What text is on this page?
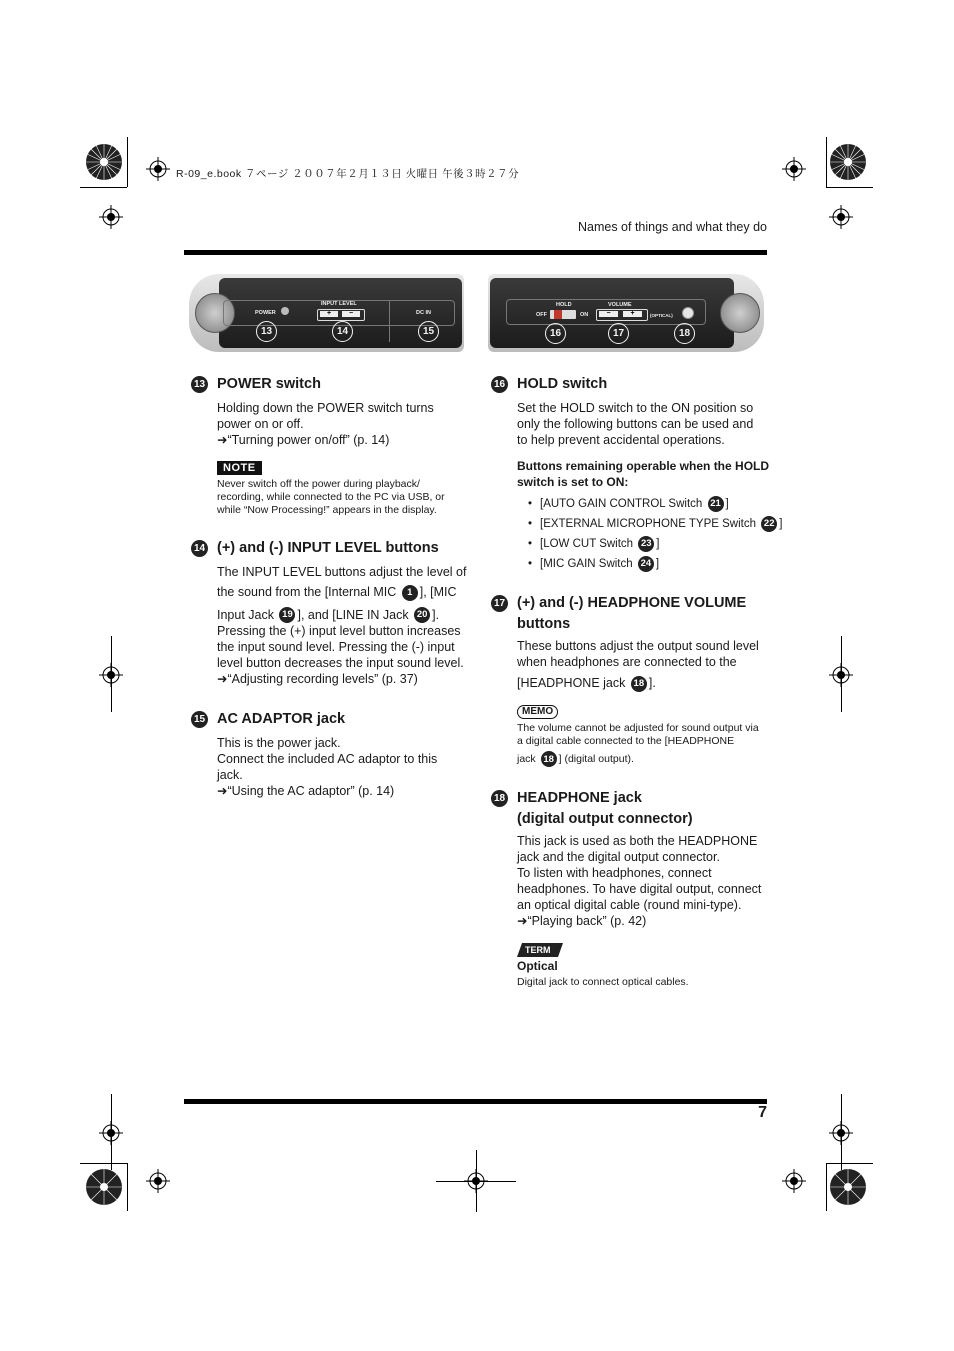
R-09_e.book ７ページ ２００７年２月１３日 火曜日 午後３時２７分
Names of things and what they do
POWER
INPUT LEVEL
+	−	DC IN
13	14	15
HOLD
OFF	ON
VOLUME
−	+	(OPTICAL)
16	17	18
13 POWER switch
Holding down the POWER switch turns
power on or off.
➜“Turning power on/off” (p. 14)
NOTE
Never switch off the power during playback/
recording, while connected to the PC via USB, or
while “Now Processing!” appears in the display.
14 (+) and (-) INPUT LEVEL buttons
The INPUT LEVEL buttons adjust the level of
the sound from the [Internal MIC 1 ], [MIC
Input Jack 19 ], and [LINE IN Jack 20 ].
Pressing the (+) input level button increases
the input sound level. Pressing the (-) input
level button decreases the input sound level.
➜“Adjusting recording levels” (p. 37)
15 AC ADAPTOR jack
This is the power jack.
Connect the included AC adaptor to this
jack.
➜“Using the AC adaptor” (p. 14)
16 HOLD switch
Set the HOLD switch to the ON position so
only the following buttons can be used and
to help prevent accidental operations.
Buttons remaining operable when the HOLD
switch is set to ON:
• [AUTO GAIN CONTROL Switch 21 ]
• [EXTERNAL MICROPHONE TYPE Switch 22 ]
• [LOW CUT Switch 23 ]
• [MIC GAIN Switch 24 ]
17 (+) and (-) HEADPHONE VOLUME
buttons
These buttons adjust the output sound level
when headphones are connected to the
[HEADPHONE jack 18 ].
MEMO
The volume cannot be adjusted for sound output via
a digital cable connected to the [HEADPHONE
jack 18 ] (digital output).
18 HEADPHONE jack
(digital output connector)
This jack is used as both the HEADPHONE
jack and the digital output connector.
To listen with headphones, connect
headphones. To have digital output, connect
an optical digital cable (round mini-type).
➜“Playing back” (p. 42)
TERM
Optical
Digital jack to connect optical cables.
7
